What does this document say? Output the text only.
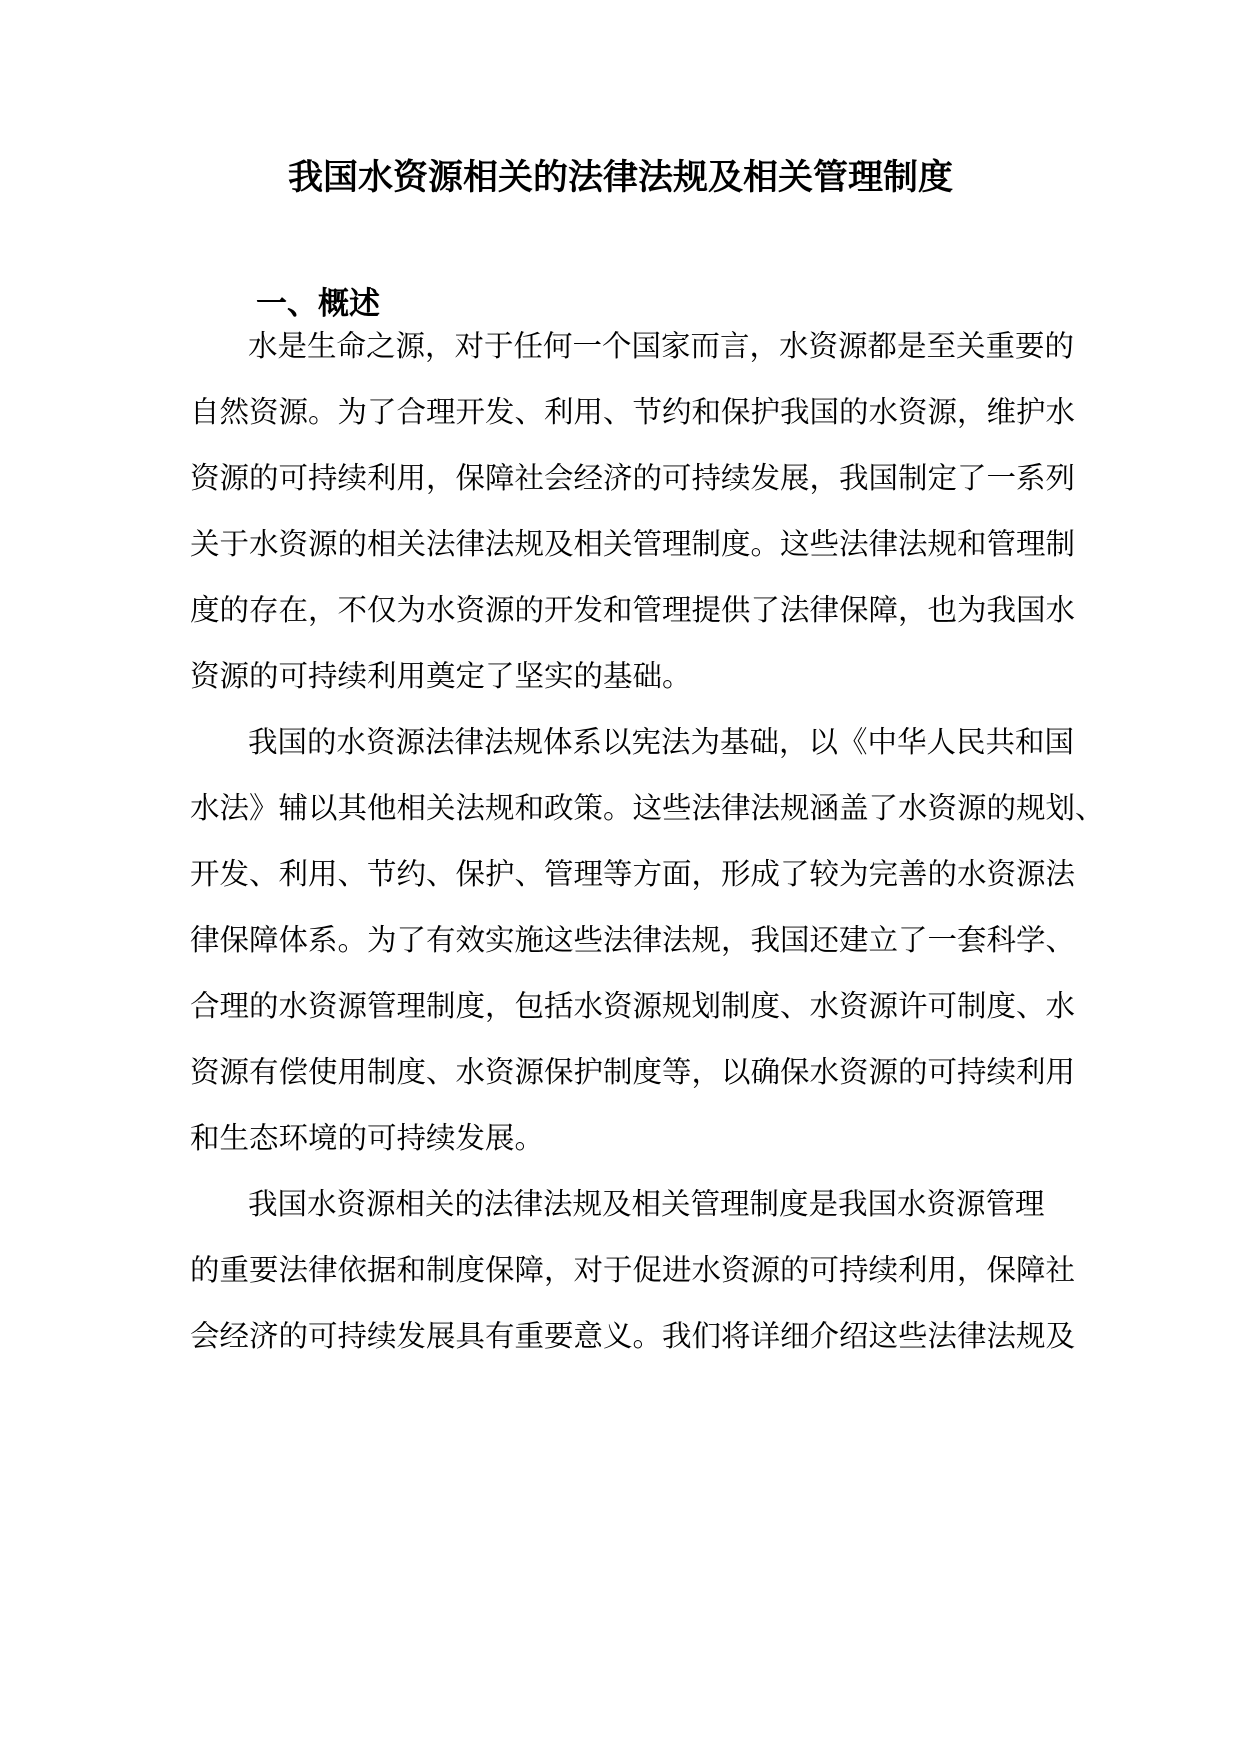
我国水资源相关的法律法规及相关管理制度
一、概述

水是生命之源，对于任何一个国家而言，水资源都是至关重要的

自然资源。为了合理开发、利用、节约和保护我国的水资源，维护水

资源的可持续利用，保障社会经济的可持续发展，我国制定了一系列

关于水资源的相关法律法规及相关管理制度。这些法律法规和管理制

度的存在，不仅为水资源的开发和管理提供了法律保障，也为我国水

资源的可持续利用奠定了坚实的基础。

我国的水资源法律法规体系以宪法为基础，以《中华人民共和国

水法》辅以其他相关法规和政策。这些法律法规涵盖了水资源的规划、

开发、利用、节约、保护、管理等方面，形成了较为完善的水资源法

律保障体系。为了有效实施这些法律法规，我国还建立了一套科学、

合理的水资源管理制度，包括水资源规划制度、水资源许可制度、水

资源有偿使用制度、水资源保护制度等，以确保水资源的可持续利用

和生态环境的可持续发展。

我国水资源相关的法律法规及相关管理制度是我国水资源管理

的重要法律依据和制度保障，对于促进水资源的可持续利用，保障社

会经济的可持续发展具有重要意义。我们将详细介绍这些法律法规及
